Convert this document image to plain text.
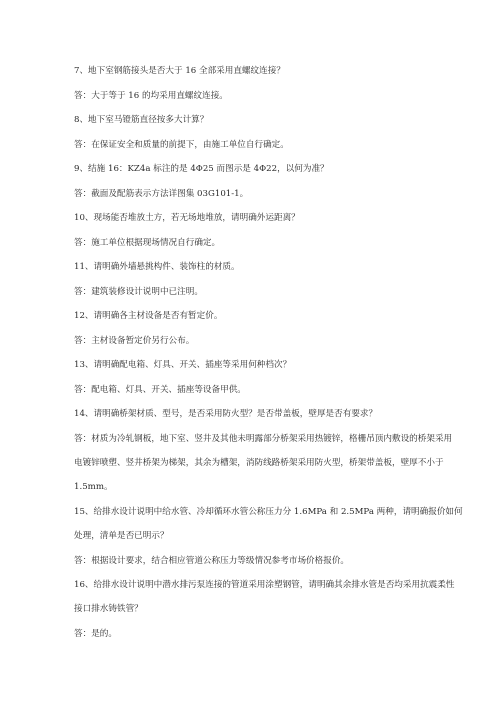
7、地下室钢筋接头是否大于 16 全部采用直螺纹连接？
答：大于等于 16 的均采用直螺纹连接。
8、地下室马镫筋直径按多大计算？
答：在保证安全和质量的前提下，由施工单位自行确定。
9、结施 16：KZ4a 标注的是 4Φ25 而图示是 4Φ22，以何为准？
答：截面及配筋表示方法详图集 03G101-1。
10、现场能否堆放土方，若无场地堆放，请明确外运距离？
答：施工单位根据现场情况自行确定。
11、请明确外墙悬挑构件、装饰柱的材质。
答：建筑装修设计说明中已注明。
12、请明确各主材设备是否有暂定价。
答：主材设备暂定价另行公布。
13、请明确配电箱、灯具、开关、插座等采用何种档次？
答：配电箱、灯具、开关、插座等设备甲供。
14、请明确桥架材质、型号，是否采用防火型？是否带盖板，壁厚是否有要求？
答：材质为冷轧钢板，地下室、竖井及其他未明露部分桥架采用热镀锌，格栅吊顶内敷设的桥架采用
电镀锌喷塑、竖井桥架为梯架，其余为槽架，消防线路桥架采用防火型，桥架带盖板，壁厚不小于
1.5mm。
15、给排水设计说明中给水管、冷却循环水管公称压力分 1.6MPa 和 2.5MPa 两种，请明确报价如何
处理，清单是否已明示？
答：根据设计要求，结合相应管道公称压力等级情况参考市场价格报价。
16、给排水设计说明中潜水排污泵连接的管道采用涂塑钢管，请明确其余排水管是否均采用抗震柔性
接口排水铸铁管？
答：是的。
